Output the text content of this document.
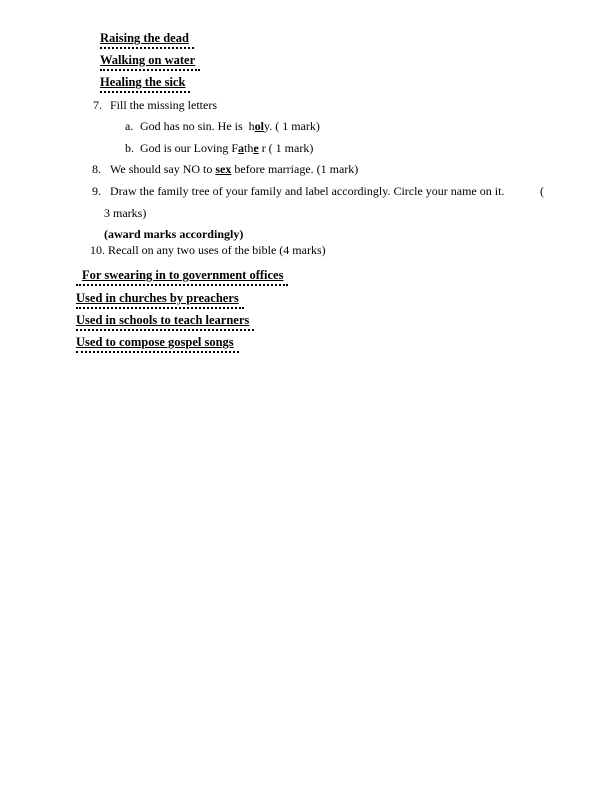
Raising the dead

Walking on water

Healing the sick

7. Fill the missing letters

a. God has no sin. He is  holy. ( 1 mark)

b. God is our Loving Fathe r ( 1 mark)

8. We should say NO to sex before marriage. (1 mark)

9. Draw the family tree of your family and label accordingly. Circle your name on it.
	(

3 marks)

(award marks accordingly)

10. Recall on any two uses of the bible (4 marks)

For swearing in to government offices

Used in churches by preachers

Used in schools to teach learners

Used to compose gospel songs
